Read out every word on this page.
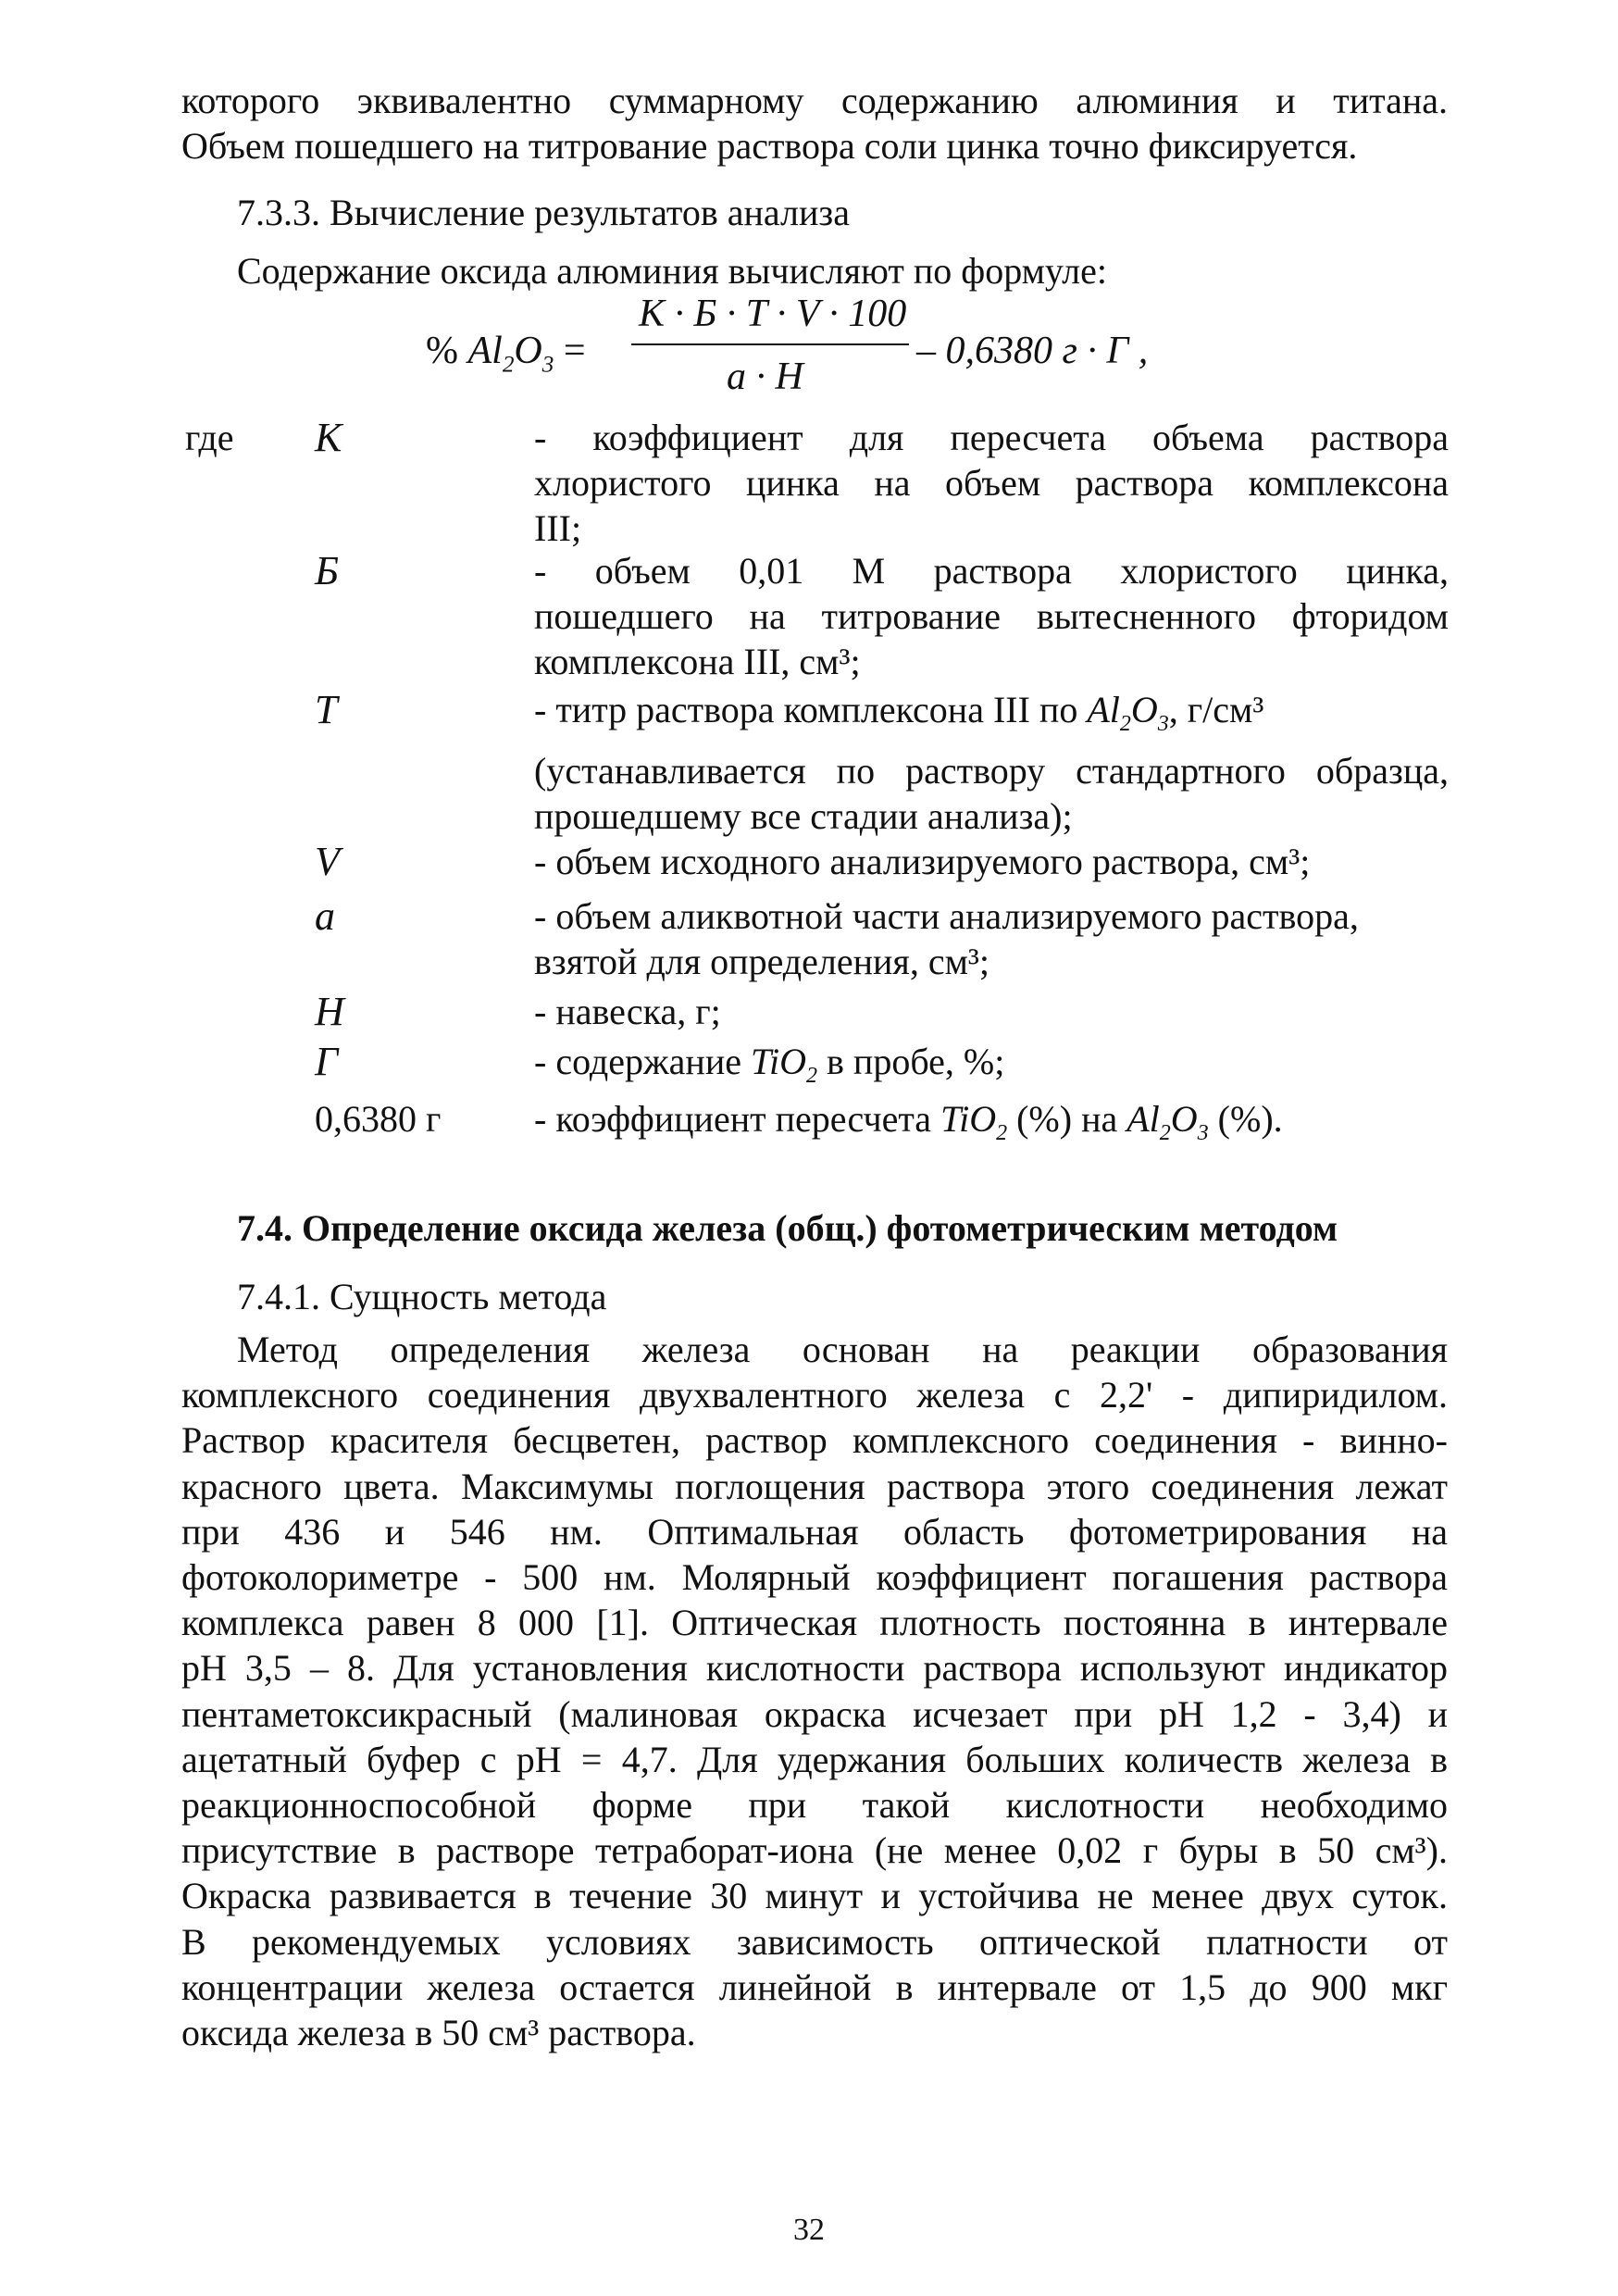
которого эквивалентно суммарному содержанию алюминия и титана.
Объем пошедшего на титрование раствора соли цинка точно фиксируется.
7.3.3. Вычисление результатов анализа
Содержание оксида алюминия вычисляют по формуле:
% $Al_2O_3$ =
K · Б · T · V · 100
a · H
– 0,6380 г · Г ,
где K	- коэффициент для пересчета объема раствора
хлористого цинка на объем раствора комплексона
III;
Б	- объем 0,01 М раствора хлористого цинка,
пошедшего на титрование вытесненного фторидом
комплексона III, см³;
T	- титр раствора комплексона III по $Al_2O_3$, г/см³
(устанавливается по раствору стандартного образца,
прошедшему все стадии анализа);
V	- объем исходного анализируемого раствора, см³;
a	- объем аликвотной части анализируемого раствора,
взятой для определения, см³;
H	- навеска, г;
Г	- содержание TiO$_2$ в пробе, %;
0,6380 г	- коэффициент пересчета TiO$_2$ (%) на $Al_2O_3$ (%).
7.4. Определение оксида железа (общ.) фотометрическим методом
7.4.1. Сущность метода
Метод определения железа основан на реакции образования
комплексного соединения двухвалентного железа с 2,2' - дипиридилом.
Раствор красителя бесцветен, раствор комплексного соединения - винно-
красного цвета. Максимумы поглощения раствора этого соединения лежат
при 436 и 546 нм. Оптимальная область фотометрирования на
фотоколориметре - 500 нм. Молярный коэффициент погашения раствора
комплекса равен 8 000 [1]. Оптическая плотность постоянна в интервале
pH 3,5 – 8. Для установления кислотности раствора используют индикатор
пентаметоксикрасный (малиновая окраска исчезает при pH 1,2 - 3,4) и
ацетатный буфер с pH = 4,7. Для удержания больших количеств железа в
реакционноспособной форме при такой кислотности необходимо
присутствие в растворе тетраборат-иона (не менее 0,02 г буры в 50 см³).
Окраска развивается в течение 30 минут и устойчива не менее двух суток.
В рекомендуемых условиях зависимость оптической платности от
концентрации железа остается линейной в интервале от 1,5 до 900 мкг
оксида железа в 50 см³ раствора.
32
